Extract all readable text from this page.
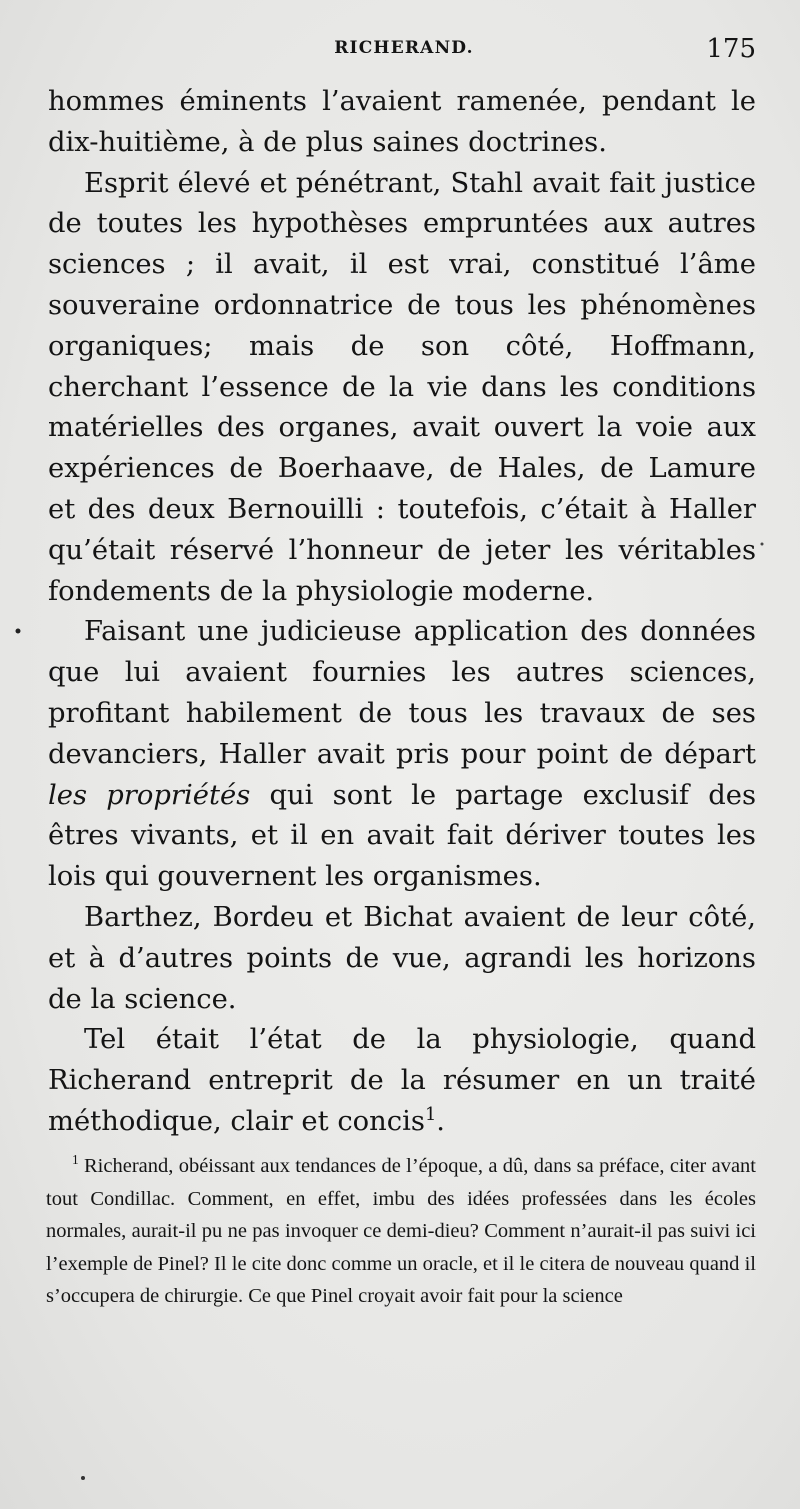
RICHERAND.	175

hommes éminents l’avaient ramenée, pendant le dix-huitième, à de plus saines doctrines.

Esprit élevé et pénétrant, Stahl avait fait justice de toutes les hypothèses empruntées aux autres sciences ; il avait, il est vrai, constitué l’âme souveraine ordonnatrice de tous les phénomènes organiques; mais de son côté, Hoffmann, cherchant l’essence de la vie dans les conditions matérielles des organes, avait ouvert la voie aux expériences de Boerhaave, de Hales, de Lamure et des deux Bernouilli : toutefois, c’était à Haller qu’était réservé l’honneur de jeter les véritables fondements de la physiologie moderne.

Faisant une judicieuse application des données que lui avaient fournies les autres sciences, profitant habilement de tous les travaux de ses devanciers, Haller avait pris pour point de départ les propriétés qui sont le partage exclusif des êtres vivants, et il en avait fait dériver toutes les lois qui gouvernent les organismes.

Barthez, Bordeu et Bichat avaient de leur côté, et à d’autres points de vue, agrandi les horizons de la science.

Tel était l’état de la physiologie, quand Richerand entreprit de la résumer en un traité méthodique, clair et concis$^1$.

$^1$ Richerand, obéissant aux tendances de l’époque, a dû, dans sa préface, citer avant tout Condillac. Comment, en effet, imbu des idées professées dans les écoles normales, aurait-il pu ne pas invoquer ce demi-dieu? Comment n’aurait-il pas suivi ici l’exemple de Pinel? Il le cite donc comme un oracle, et il le citera de nouveau quand il s’occupera de chirurgie. Ce que Pinel croyait avoir fait pour la science
